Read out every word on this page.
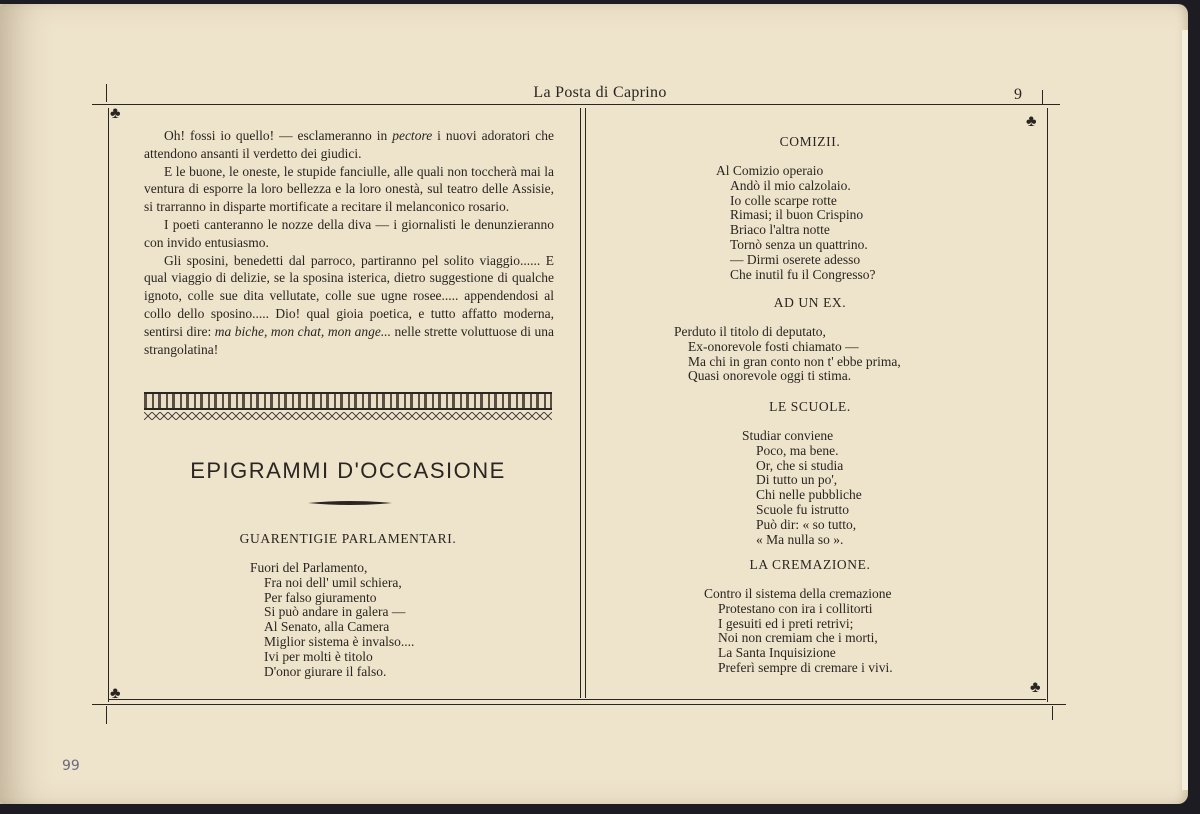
La Posta di Caprino	9
♣	♣
♣	♣

Oh! fossi io quello! — esclameranno in pectore i nuovi adoratori che attendono ansanti il verdetto dei giudici.

E le buone, le oneste, le stupide fanciulle, alle quali non toccherà mai la ventura di esporre la loro bellezza e la loro onestà, sul teatro delle Assisie, si trarranno in disparte mortificate a recitare il melanconico rosario.

I poeti canteranno le nozze della diva — i giornalisti le denunzieranno con invido entusiasmo.

Gli sposini, benedetti dal parroco, partiranno pel solito viaggio...... E qual viaggio di delizie, se la sposina isterica, dietro suggestione di qualche ignoto, colle sue dita vellutate, colle sue ugne rosee..... appendendosi al collo dello sposino..... Dio! qual gioia poetica, e tutto affatto moderna, sentirsi dire: ma biche, mon chat, mon ange... nelle strette voluttuose di una strangolatina!

EPIGRAMMI D'OCCASIONE
GUARENTIGIE PARLAMENTARI.
Fuori del Parlamento,
Fra noi dell' umil schiera,
Per falso giuramento
Si può andare in galera —
Al Senato, alla Camera
Miglior sistema è invalso....
Ivi per molti è titolo
D'onor giurare il falso.
COMIZII.
Al Comizio operaio
Andò il mio calzolaio.
Io colle scarpe rotte
Rimasi; il buon Crispino
Briaco l'altra notte
Tornò senza un quattrino.
— Dirmi oserete adesso
Che inutil fu il Congresso?
AD UN EX.
Perduto il titolo di deputato,
Ex-onorevole fosti chiamato —
Ma chi in gran conto non t' ebbe prima,
Quasi onorevole oggi ti stima.
LE SCUOLE.
Studiar conviene
Poco, ma bene.
Or, che si studia
Di tutto un po',
Chi nelle pubbliche
Scuole fu istrutto
Può dir: « so tutto,
« Ma nulla so ».
LA CREMAZIONE.
Contro il sistema della cremazione
Protestano con ira i collitorti
I gesuiti ed i preti retrivi;
Noi non cremiam che i morti,
La Santa Inquisizione
Preferì sempre di cremare i vivi.
99
